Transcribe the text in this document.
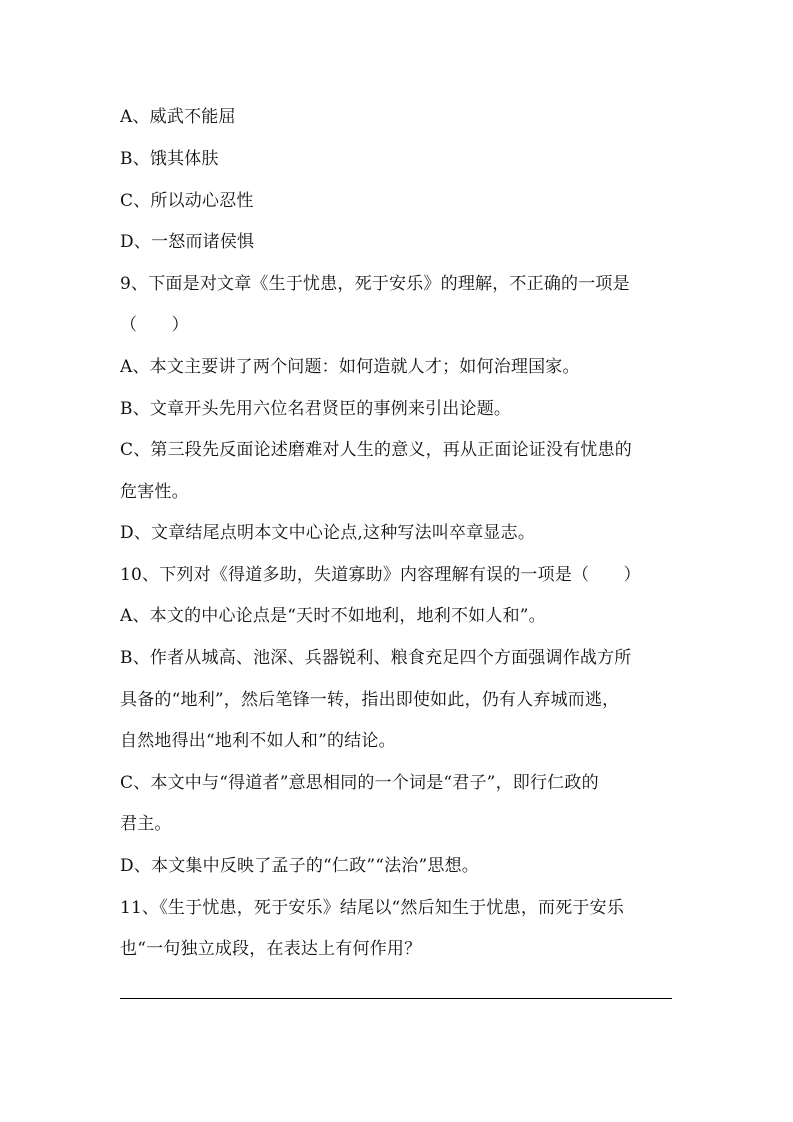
A、威武不能屈
B、饿其体肤
C、所以动心忍性
D、一怒而诸侯惧
9、下面是对文章《生于忧患，死于安乐》的理解，不正确的一项是
（　　）
A、本文主要讲了两个问题：如何造就人才；如何治理国家。
B、文章开头先用六位名君贤臣的事例来引出论题。
C、第三段先反面论述磨难对人生的意义，再从正面论证没有忧患的
危害性。
D、文章结尾点明本文中心论点,这种写法叫卒章显志。
10、下列对《得道多助，失道寡助》内容理解有误的一项是（　　）
A、本文的中心论点是“天时不如地利，地利不如人和”。
B、作者从城高、池深、兵器锐利、粮食充足四个方面强调作战方所
具备的“地利”，然后笔锋一转，指出即使如此，仍有人弃城而逃，
自然地得出“地利不如人和”的结论。
C、本文中与“得道者”意思相同的一个词是“君子”，即行仁政的
君主。
D、本文集中反映了孟子的“仁政”“法治”思想。
11、《生于忧患，死于安乐》结尾以“然后知生于忧患，而死于安乐
也“一句独立成段，在表达上有何作用？
